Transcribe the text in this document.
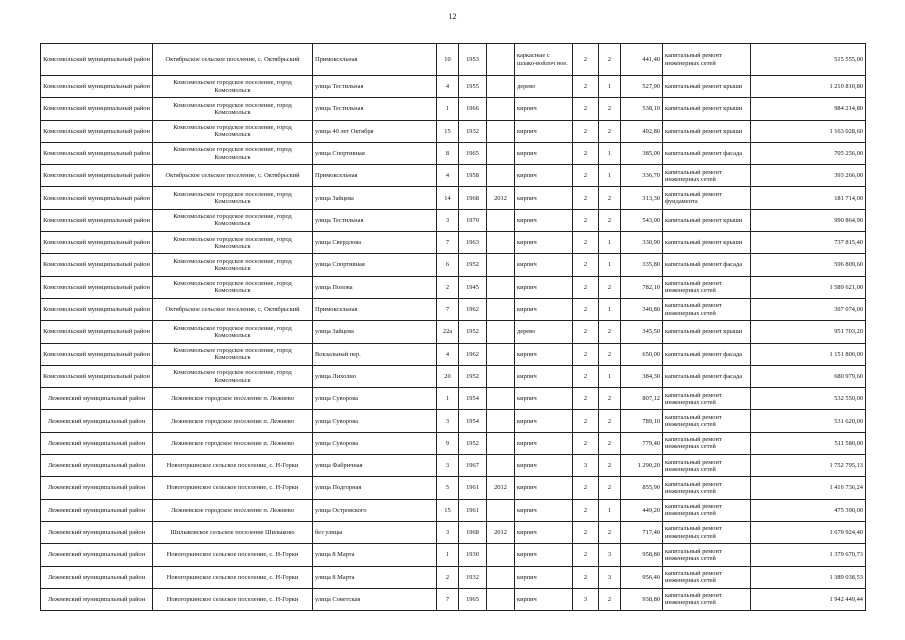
12
Комсомольский муниципальный район	Октябрьское сельское поселение, с. Октябрьский	Примоксельная	10	1953		каркасные с шлако-войлоч ное.	2	2	441,40	капитальный ремонт инженерных сетей	515 555,00
Комсомольский муниципальный район	Комсомольское городское поселение, город Комсомольск	улица Тестильная	4	1955		дерево	2	1	527,90	капитальный ремонт крыши	1 210 810,80
Комсомольский муниципальный район	Комсомольское городское поселение, город Комсомольск	улица Тестильная	1	1966		кирпич	2	2	538,10	капитальный ремонт крыши	984 214,80
Комсомольский муниципальный район	Комсомольское городское поселение, город Комсомольск	улица 40 лет Октября	15	1932		кирпич	2	2	492,80	капитальный ремонт крыши	1 163 028,60
Комсомольский муниципальный район	Комсомольское городское поселение, город Комсомольск	улица Спортивная	8	1965		кирпич	2	1	385,00	капитальный ремонт фасада	705 256,00
Комсомольский муниципальный район	Октябрьское сельское поселение, с. Октябрьский	Примоксельная	4	1958		кирпич	2	1	336,70	капитальный ремонт инженерных сетей	393 266,00
Комсомольский муниципальный район	Комсомольское городское поселение, город Комсомольск	улица Зайцева	14	1968	2012	кирпич	2	2	313,30	капитальный ремонт фундамента	181 714,00
Комсомольский муниципальный район	Комсомольское городское поселение, город Комсомольск	улица Тестильная	3	1970		кирпич	2	2	543,00	капитальный ремонт крыши	990 864,90
Комсомольский муниципальный район	Комсомольское городское поселение, город Комсомольск	улица Свердлова	7	1963		кирпич	2	1	330,90	капитальный ремонт крыши	737 815,40
Комсомольский муниципальный район	Комсомольское городское поселение, город Комсомольск	улица Спортивная	6	1952		кирпич	2	1	335,80	капитальный ремонт фасада	596 809,60
Комсомольский муниципальный район	Комсомольское городское поселение, город Комсомольск	улица Попова	2	1945		кирпич	2	2	782,10	капитальный ремонт инженерных сетей	1 589 621,00
Комсомольский муниципальный район	Октябрьское сельское поселение, с. Октябрьский	Примоксельная	7	1962		кирпич	2	1	340,80	капитальный ремонт инженерных сетей	397 074,00
Комсомольский муниципальный район	Комсомольское городское поселение, город Комсомольск	улица Зайцева	22а	1952		дерево	2	2	345,50	капитальный ремонт крыши	951 703,20
Комсомольский муниципальный район	Комсомольское городское поселение, город Комсомольск	Вокзальный пер.	4	1962		кирпич	2	2	650,00	капитальный ремонт фасада	1 151 800,00
Комсомольский муниципальный район	Комсомольское городское поселение, город Комсомольск	улица Лихолио	20	1952		кирпич	2	1	384,30	капитальный ремонт фасада	680 979,60
Лежневский муниципальный район	Лежневское городское поселение п. Лежнево	улица Суворова	1	1954		кирпич	2	2	807,12	капитальный ремонт инженерных сетей	532 550,00
Лежневский муниципальный район	Лежневское городское поселение п. Лежнево	улица Суворова	3	1954		кирпич	2	2	789,10	капитальный ремонт инженерных сетей	531 620,00
Лежневский муниципальный район	Лежневское городское поселение п. Лежнево	улица Суворова	9	1952		кирпич	2	2	779,40	капитальный ремонт инженерных сетей	511 580,00
Лежневский муниципальный район	Новогоркинское сельское поселение, с. Н-Горки	улица Фабричная	3	1967		кирпич	3	2	1 290,20	капитальный ремонт инженерных сетей	1 752 795,13
Лежневский муниципальный район	Новогоркинское сельское поселение, с. Н-Горки	улица Подгорная	5	1961	2012	кирпич	2	2	855,90	капитальный ремонт инженерных сетей	1 416 736,24
Лежневский муниципальный район	Лежневское городское поселение п. Лежнево	улица Островского	15	1961		кирпич	2	1	449,20	капитальный ремонт инженерных сетей	475 390,00
Лежневский муниципальный район	Шилыковское сельское поселение Шилыково	без улицы	3	1968	2012	кирпич	2	2	717,40	капитальный ремонт инженерных сетей	1 679 924,40
Лежневский муниципальный район	Новогоркинское сельское поселение, с. Н-Горки	улица 8 Марта	1	1930		кирпич	2	3	958,80	капитальный ремонт инженерных сетей	1 379 670,73
Лежневский муниципальный район	Новогоркинское сельское поселение, с. Н-Горки	улица 8 Марта	2	1932		кирпич	2	3	956,40	капитальный ремонт инженерных сетей	1 389 038,53
Лежневский муниципальный район	Новогоркинское сельское поселение, с. Н-Горки	улица Советская	7	1965		кирпич	3	2	938,80	капитальный ремонт инженерных сетей	1 942 449,44
